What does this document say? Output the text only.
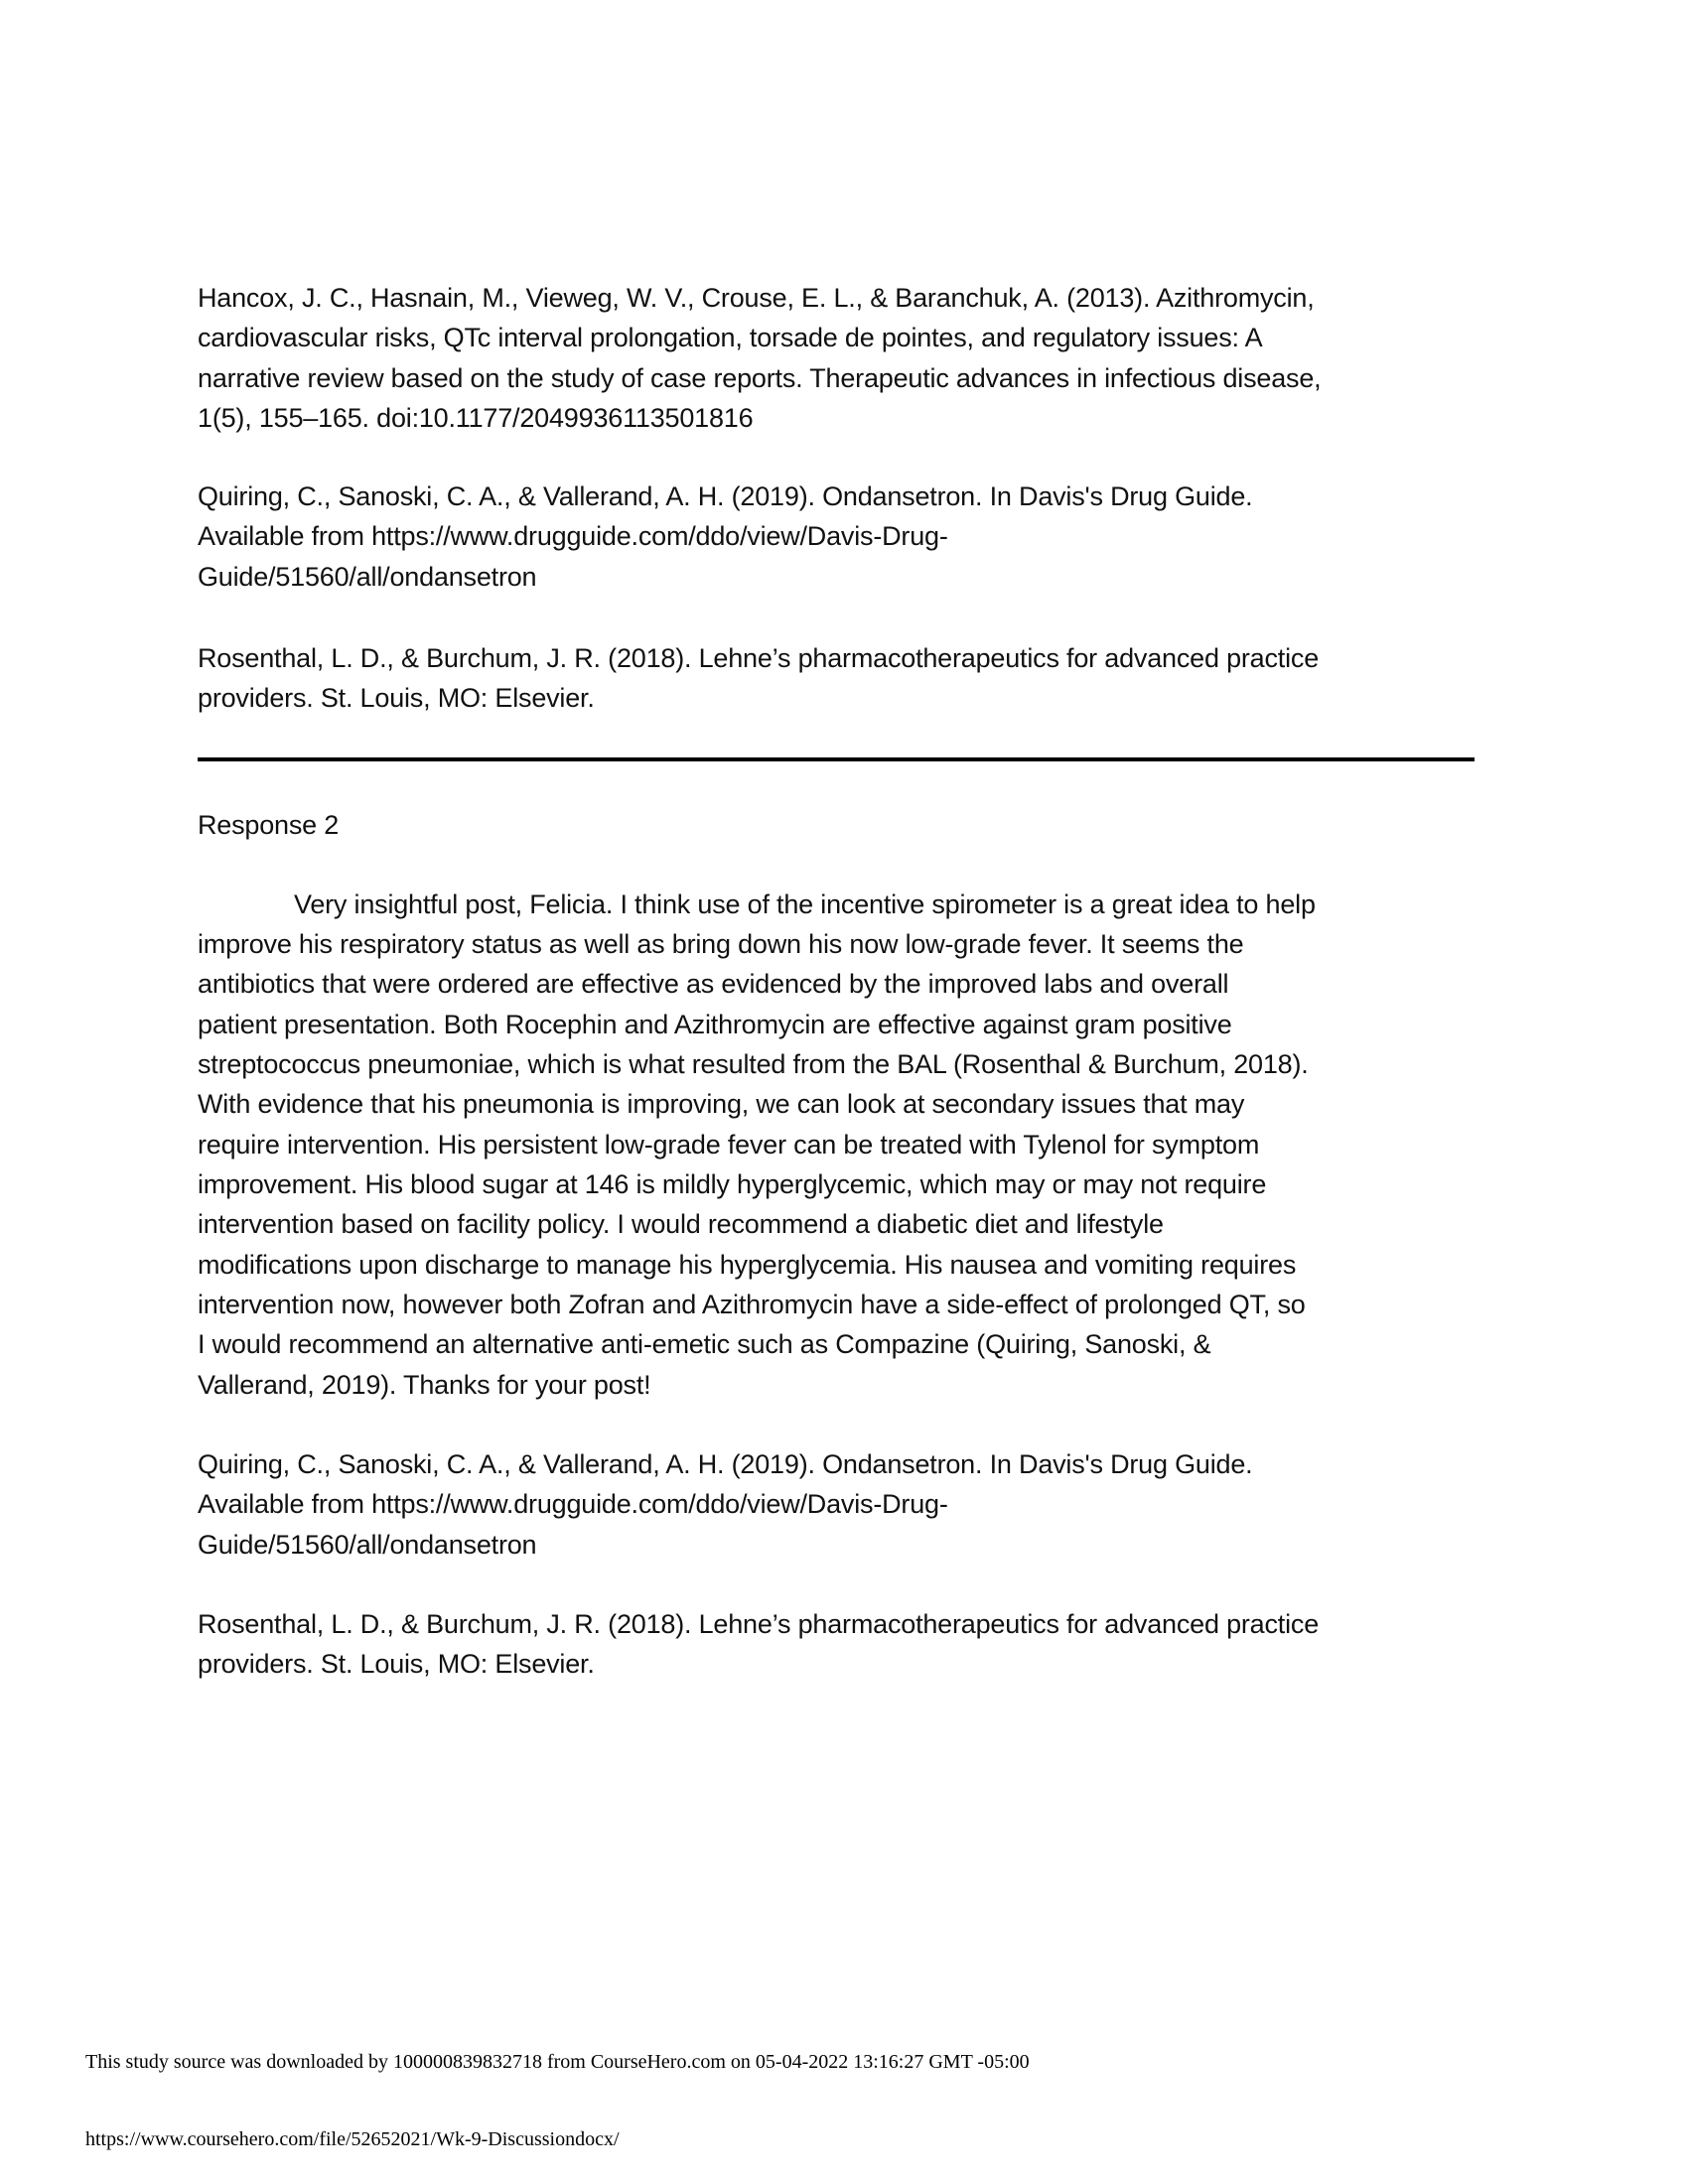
Hancox, J. C., Hasnain, M., Vieweg, W. V., Crouse, E. L., & Baranchuk, A. (2013). Azithromycin,
cardiovascular risks, QTc interval prolongation, torsade de pointes, and regulatory issues: A
narrative review based on the study of case reports. Therapeutic advances in infectious disease,
1(5), 155–165. doi:10.1177/2049936113501816
Quiring, C., Sanoski, C. A., & Vallerand, A. H. (2019). Ondansetron. In Davis's Drug Guide.
Available from https://www.drugguide.com/ddo/view/Davis-Drug-
Guide/51560/all/ondansetron
Rosenthal, L. D., & Burchum, J. R. (2018). Lehne’s pharmacotherapeutics for advanced practice
providers. St. Louis, MO: Elsevier.
Response 2
Very insightful post, Felicia. I think use of the incentive spirometer is a great idea to help
improve his respiratory status as well as bring down his now low-grade fever. It seems the
antibiotics that were ordered are effective as evidenced by the improved labs and overall
patient presentation. Both Rocephin and Azithromycin are effective against gram positive
streptococcus pneumoniae, which is what resulted from the BAL (Rosenthal & Burchum, 2018).
With evidence that his pneumonia is improving, we can look at secondary issues that may
require intervention. His persistent low-grade fever can be treated with Tylenol for symptom
improvement. His blood sugar at 146 is mildly hyperglycemic, which may or may not require
intervention based on facility policy. I would recommend a diabetic diet and lifestyle
modifications upon discharge to manage his hyperglycemia. His nausea and vomiting requires
intervention now, however both Zofran and Azithromycin have a side-effect of prolonged QT, so
I would recommend an alternative anti-emetic such as Compazine (Quiring, Sanoski, &
Vallerand, 2019). Thanks for your post!
Quiring, C., Sanoski, C. A., & Vallerand, A. H. (2019). Ondansetron. In Davis's Drug Guide.
Available from https://www.drugguide.com/ddo/view/Davis-Drug-
Guide/51560/all/ondansetron
Rosenthal, L. D., & Burchum, J. R. (2018). Lehne’s pharmacotherapeutics for advanced practice
providers. St. Louis, MO: Elsevier.
This study source was downloaded by 100000839832718 from CourseHero.com on 05-04-2022 13:16:27 GMT -05:00
https://www.coursehero.com/file/52652021/Wk-9-Discussiondocx/
